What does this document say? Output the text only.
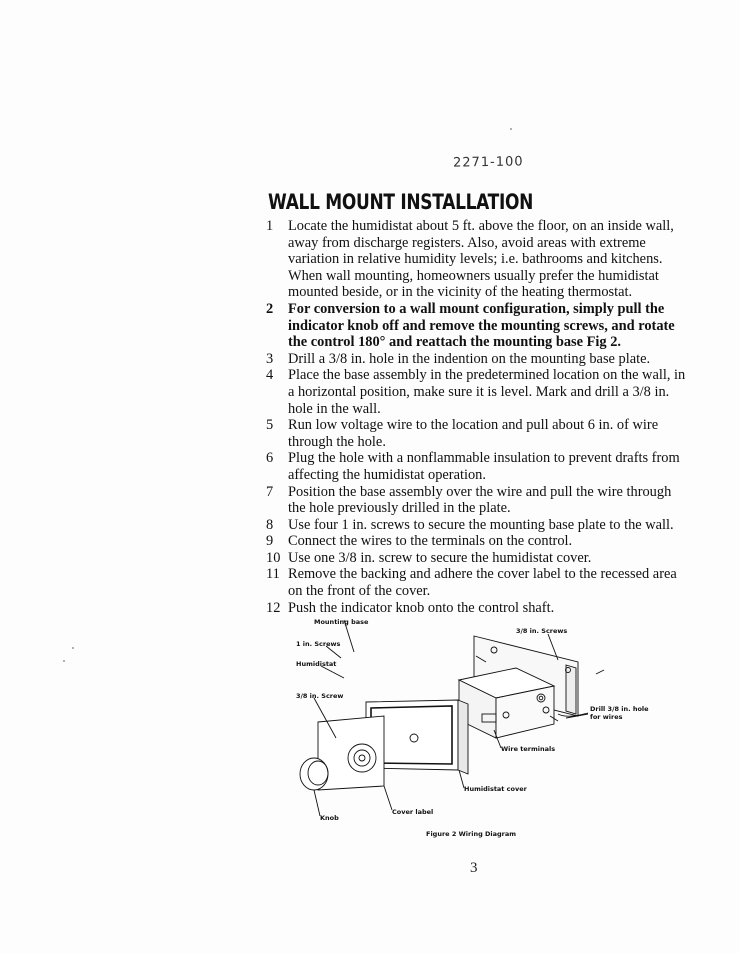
2271-100
WALL MOUNT INSTALLATION
1	Locate the humidistat about 5 ft. above the floor, on an inside wall, away from discharge registers. Also, avoid areas with extreme variation in relative humidity levels; i.e. bathrooms and kitchens. When wall mounting, homeowners usually prefer the humidistat mounted beside, or in the vicinity of the heating thermostat.
2	For conversion to a wall mount configuration, simply pull the indicator knob off and remove the mounting screws, and rotate the control 180° and reattach the mounting base Fig 2.
3	Drill a 3/8 in. hole in the indention on the mounting base plate.
4	Place the base assembly in the predetermined location on the wall, in a horizontal position, make sure it is level. Mark and drill a 3/8 in. hole in the wall.
5	Run low voltage wire to the location and pull about 6 in. of wire through the hole.
6	Plug the hole with a nonflammable insulation to prevent drafts from affecting the humidistat operation.
7	Position the base assembly over the wire and pull the wire through the hole previously drilled in the plate.
8	Use four 1 in. screws to secure the mounting base plate to the wall.
9	Connect the wires to the terminals on the control.
10 Use one 3/8 in. screw to secure the humidistat cover.
11 Remove the backing and adhere the cover label to the recessed area on the front of the cover.
12 Push the indicator knob onto the control shaft.
Mounting base
1 in. Screws
Humidistat
3/8 in. Screws
3/8 in. Screw
Drill 3/8 in. hole
for wires
Wire terminals
Humidistat cover
Cover label
Knob
Figure 2 Wiring Diagram
3
